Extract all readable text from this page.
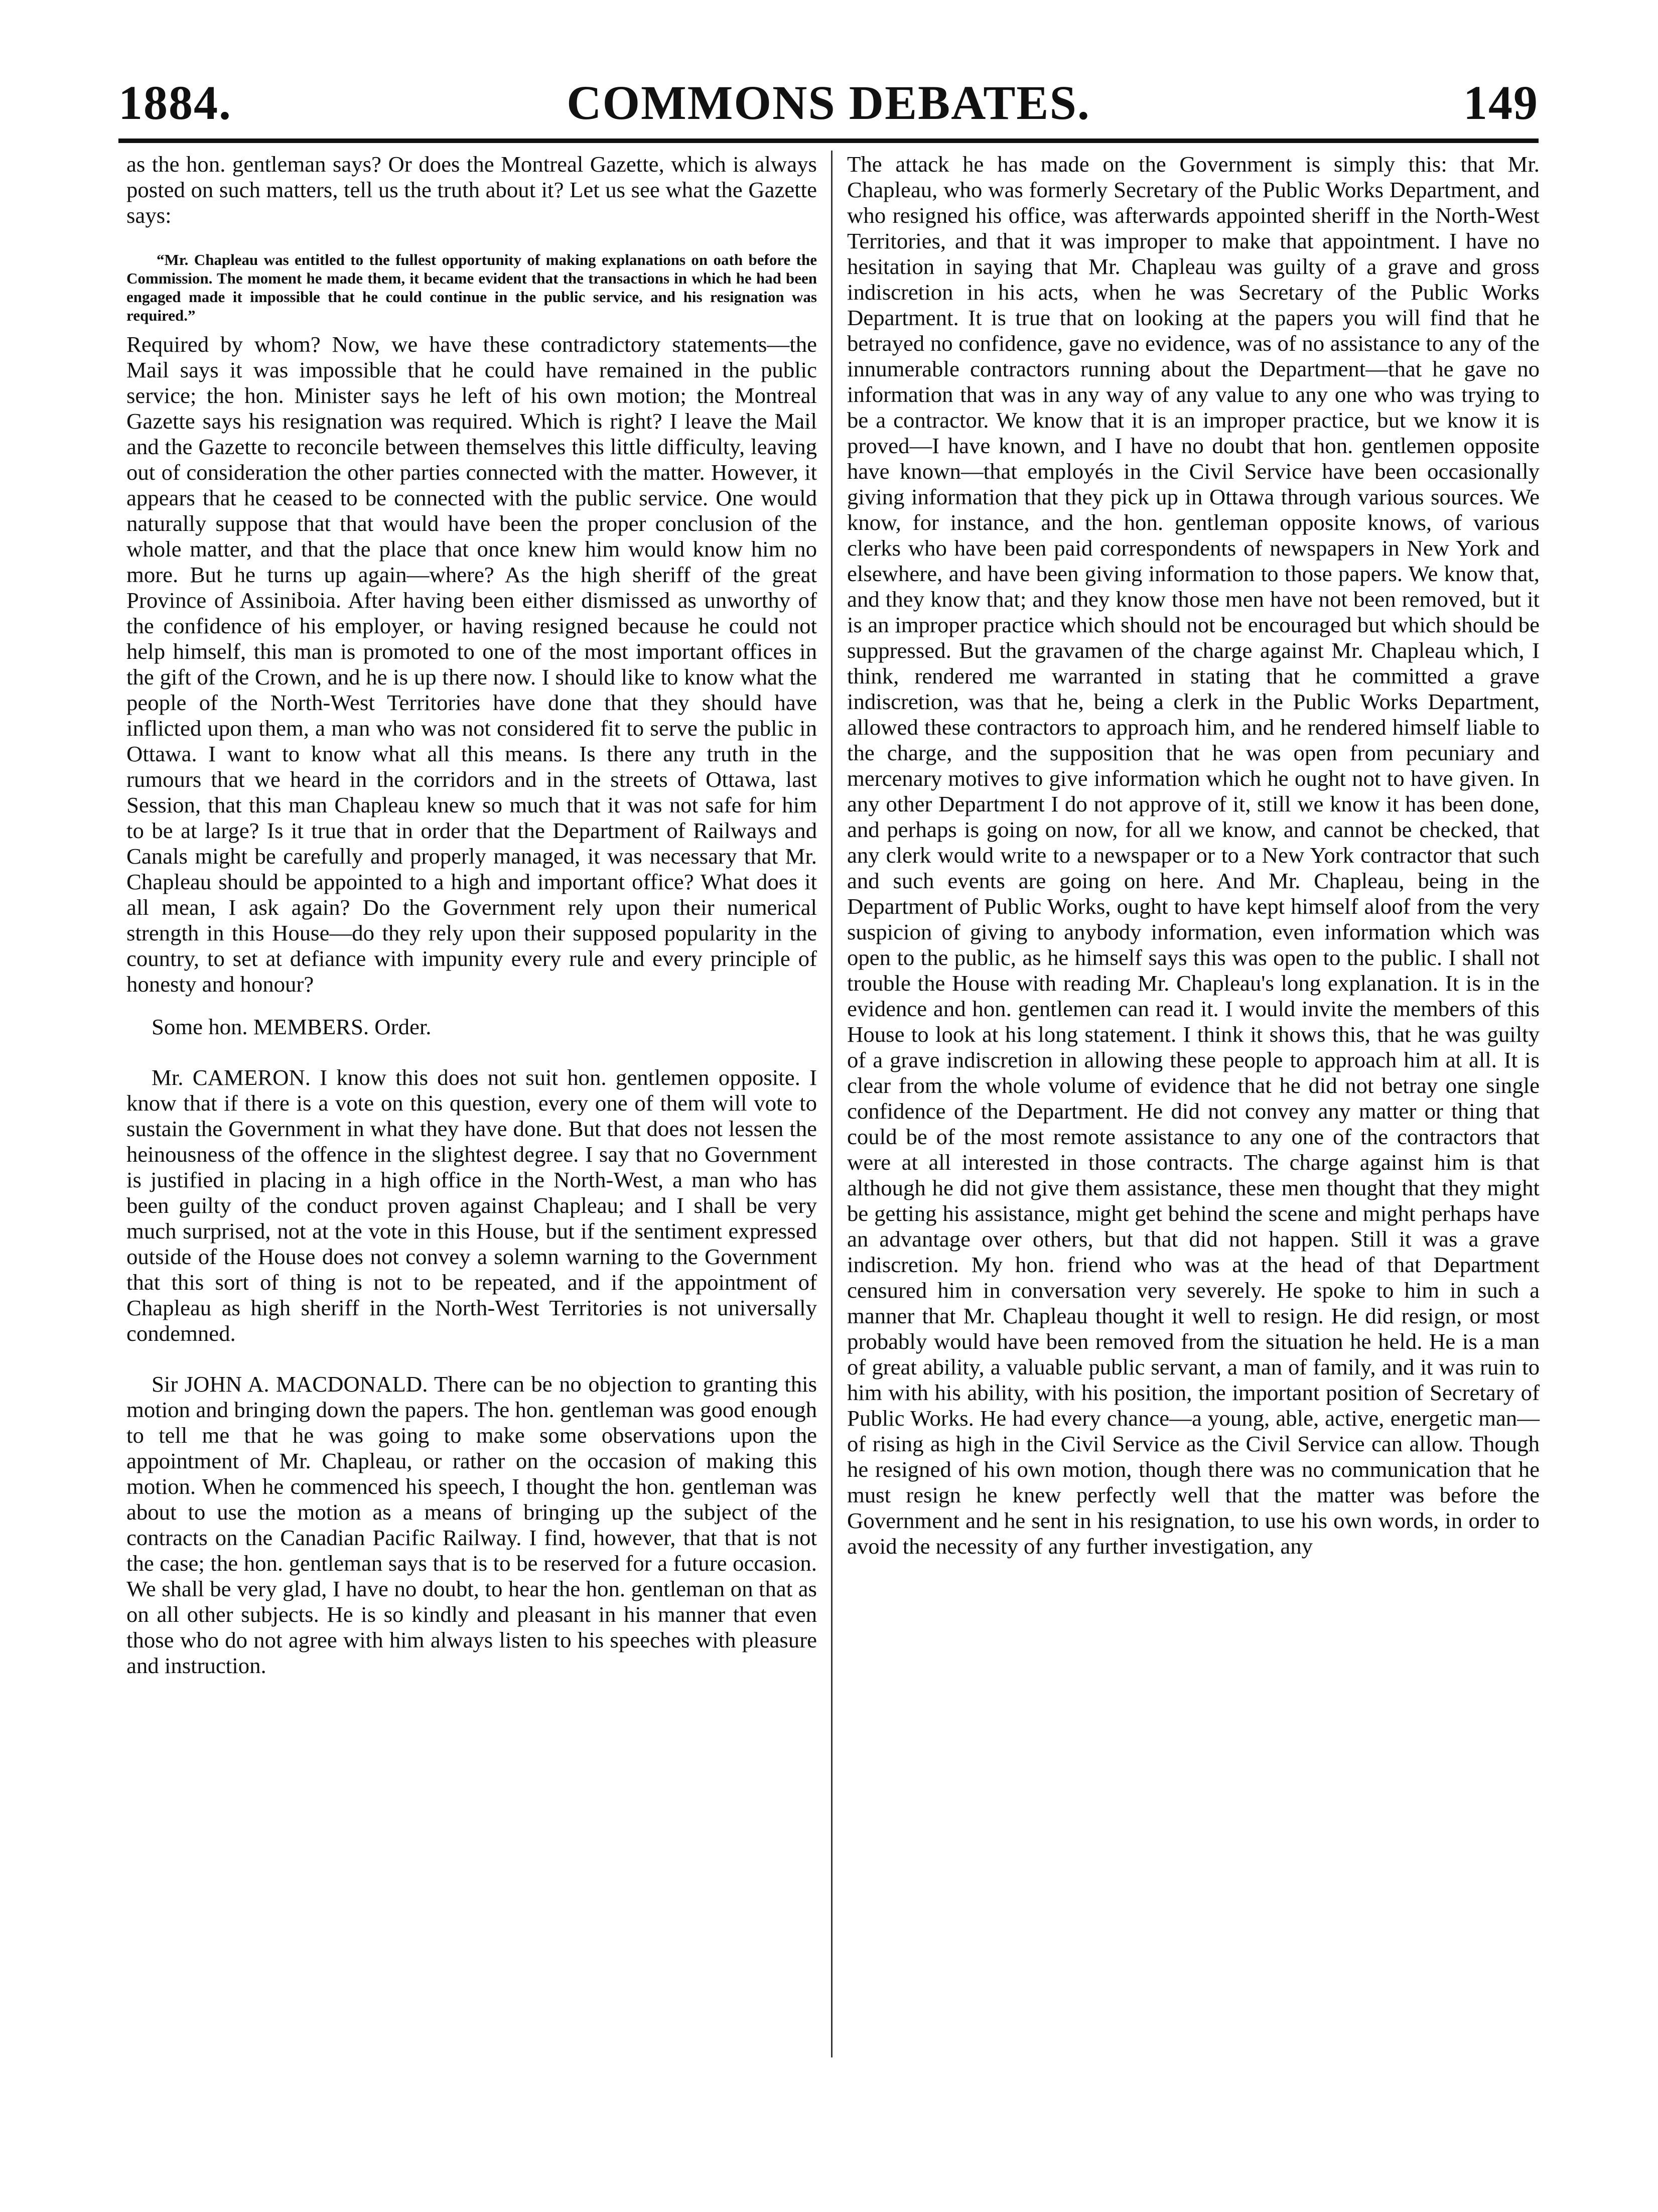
1884.	COMMONS DEBATES.	149

as the hon. gentleman says? Or does the Montreal Gazette, which is always posted on such matters, tell us the truth about it? Let us see what the Gazette says:

“Mr. Chapleau was entitled to the fullest opportunity of making explanations on oath before the Commission. The moment he made them, it became evident that the transactions in which he had been engaged made it impossible that he could continue in the public service, and his resignation was required.”

Required by whom? Now, we have these contradictory statements—the Mail says it was impossible that he could have remained in the public service; the hon. Minister says he left of his own motion; the Montreal Gazette says his resignation was required. Which is right? I leave the Mail and the Gazette to reconcile between themselves this little difficulty, leaving out of consideration the other parties connected with the matter. However, it appears that he ceased to be connected with the public service. One would naturally suppose that that would have been the proper conclusion of the whole matter, and that the place that once knew him would know him no more. But he turns up again—where? As the high sheriff of the great Province of Assiniboia. After having been either dismissed as unworthy of the confidence of his employer, or having resigned because he could not help himself, this man is promoted to one of the most important offices in the gift of the Crown, and he is up there now. I should like to know what the people of the North-West Territories have done that they should have inflicted upon them, a man who was not considered fit to serve the public in Ottawa. I want to know what all this means. Is there any truth in the rumours that we heard in the corridors and in the streets of Ottawa, last Session, that this man Chapleau knew so much that it was not safe for him to be at large? Is it true that in order that the Department of Railways and Canals might be carefully and properly managed, it was necessary that Mr. Chapleau should be appointed to a high and important office? What does it all mean, I ask again? Do the Government rely upon their numerical strength in this House—do they rely upon their supposed popularity in the country, to set at defiance with impunity every rule and every principle of honesty and honour?

Some hon. MEMBERS. Order.

Mr. CAMERON. I know this does not suit hon. gentlemen opposite. I know that if there is a vote on this question, every one of them will vote to sustain the Government in what they have done. But that does not lessen the heinousness of the offence in the slightest degree. I say that no Government is justified in placing in a high office in the North-West, a man who has been guilty of the conduct proven against Chapleau; and I shall be very much surprised, not at the vote in this House, but if the sentiment expressed outside of the House does not convey a solemn warning to the Government that this sort of thing is not to be repeated, and if the appointment of Chapleau as high sheriff in the North-West Territories is not universally condemned.

Sir JOHN A. MACDONALD. There can be no objection to granting this motion and bringing down the papers. The hon. gentleman was good enough to tell me that he was going to make some observations upon the appointment of Mr. Chapleau, or rather on the occasion of making this motion. When he commenced his speech, I thought the hon. gentleman was about to use the motion as a means of bringing up the subject of the contracts on the Canadian Pacific Railway. I find, however, that that is not the case; the hon. gentleman says that is to be reserved for a future occasion. We shall be very glad, I have no doubt, to hear the hon. gentleman on that as on all other subjects. He is so kindly and pleasant in his manner that even those who do not agree with him always listen to his speeches with pleasure and instruction.

The attack he has made on the Government is simply this: that Mr. Chapleau, who was formerly Secretary of the Public Works Department, and who resigned his office, was afterwards appointed sheriff in the North-West Territories, and that it was improper to make that appointment. I have no hesitation in saying that Mr. Chapleau was guilty of a grave and gross indiscretion in his acts, when he was Secretary of the Public Works Department. It is true that on looking at the papers you will find that he betrayed no confidence, gave no evidence, was of no assistance to any of the innumerable contractors running about the Department—that he gave no information that was in any way of any value to any one who was trying to be a contractor. We know that it is an improper practice, but we know it is proved—I have known, and I have no doubt that hon. gentlemen opposite have known—that employés in the Civil Service have been occasionally giving information that they pick up in Ottawa through various sources. We know, for instance, and the hon. gentleman opposite knows, of various clerks who have been paid correspondents of newspapers in New York and elsewhere, and have been giving information to those papers. We know that, and they know that; and they know those men have not been removed, but it is an improper practice which should not be encouraged but which should be suppressed. But the gravamen of the charge against Mr. Chapleau which, I think, rendered me warranted in stating that he committed a grave indiscretion, was that he, being a clerk in the Public Works Department, allowed these contractors to approach him, and he rendered himself liable to the charge, and the supposition that he was open from pecuniary and mercenary motives to give information which he ought not to have given. In any other Department I do not approve of it, still we know it has been done, and perhaps is going on now, for all we know, and cannot be checked, that any clerk would write to a newspaper or to a New York contractor that such and such events are going on here. And Mr. Chapleau, being in the Department of Public Works, ought to have kept himself aloof from the very suspicion of giving to anybody information, even information which was open to the public, as he himself says this was open to the public. I shall not trouble the House with reading Mr. Chapleau's long explanation. It is in the evidence and hon. gentlemen can read it. I would invite the members of this House to look at his long statement. I think it shows this, that he was guilty of a grave indiscretion in allowing these people to approach him at all. It is clear from the whole volume of evidence that he did not betray one single confidence of the Department. He did not convey any matter or thing that could be of the most remote assistance to any one of the contractors that were at all interested in those contracts. The charge against him is that although he did not give them assistance, these men thought that they might be getting his assistance, might get behind the scene and might perhaps have an advantage over others, but that did not happen. Still it was a grave indiscretion. My hon. friend who was at the head of that Department censured him in conversation very severely. He spoke to him in such a manner that Mr. Chapleau thought it well to resign. He did resign, or most probably would have been removed from the situation he held. He is a man of great ability, a valuable public servant, a man of family, and it was ruin to him with his ability, with his position, the important position of Secretary of Public Works. He had every chance—a young, able, active, energetic man—of rising as high in the Civil Service as the Civil Service can allow. Though he resigned of his own motion, though there was no communication that he must resign he knew perfectly well that the matter was before the Government and he sent in his resignation, to use his own words, in order to avoid the necessity of any further investigation, any
